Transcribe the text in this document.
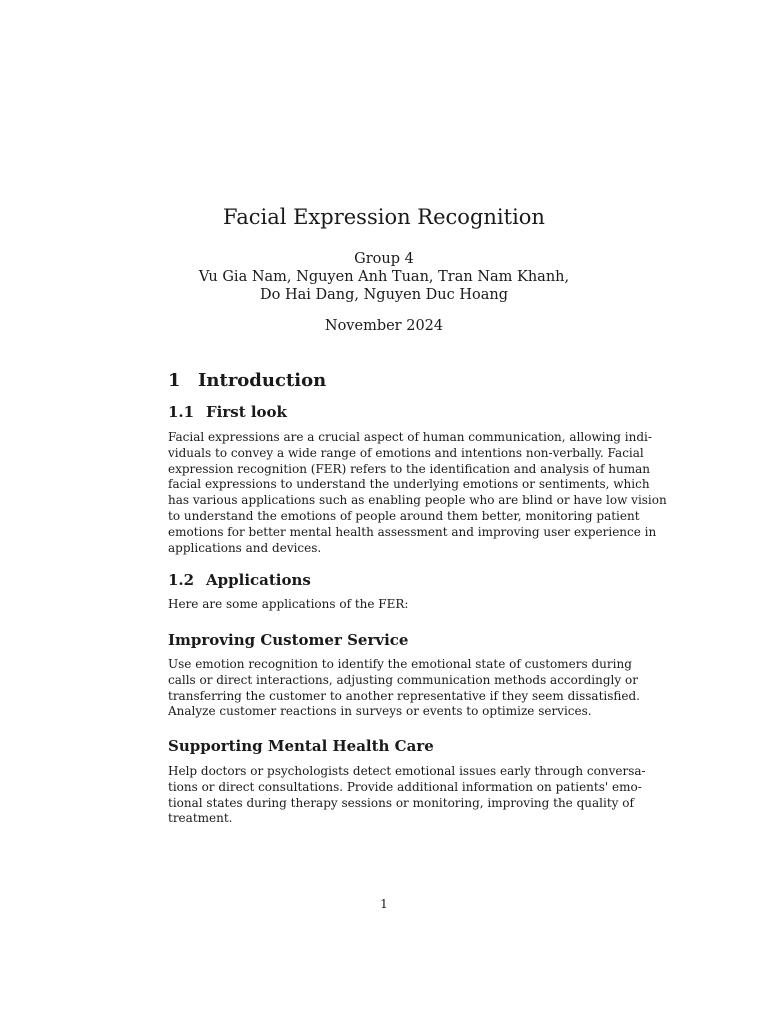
Facial Expression Recognition
Group 4
Vu Gia Nam, Nguyen Anh Tuan, Tran Nam Khanh,
Do Hai Dang, Nguyen Duc Hoang
November 2024
1 Introduction
1.1 First look

Facial expressions are a crucial aspect of human communication, allowing indi-
viduals to convey a wide range of emotions and intentions non-verbally. Facial
expression recognition (FER) refers to the identification and analysis of human
facial expressions to understand the underlying emotions or sentiments, which
has various applications such as enabling people who are blind or have low vision
to understand the emotions of people around them better, monitoring patient
emotions for better mental health assessment and improving user experience in
applications and devices.

1.2 Applications

Here are some applications of the FER:

Improving Customer Service

Use emotion recognition to identify the emotional state of customers during
calls or direct interactions, adjusting communication methods accordingly or
transferring the customer to another representative if they seem dissatisfied.
Analyze customer reactions in surveys or events to optimize services.

Supporting Mental Health Care

Help doctors or psychologists detect emotional issues early through conversa-
tions or direct consultations. Provide additional information on patients' emo-
tional states during therapy sessions or monitoring, improving the quality of
treatment.

1
